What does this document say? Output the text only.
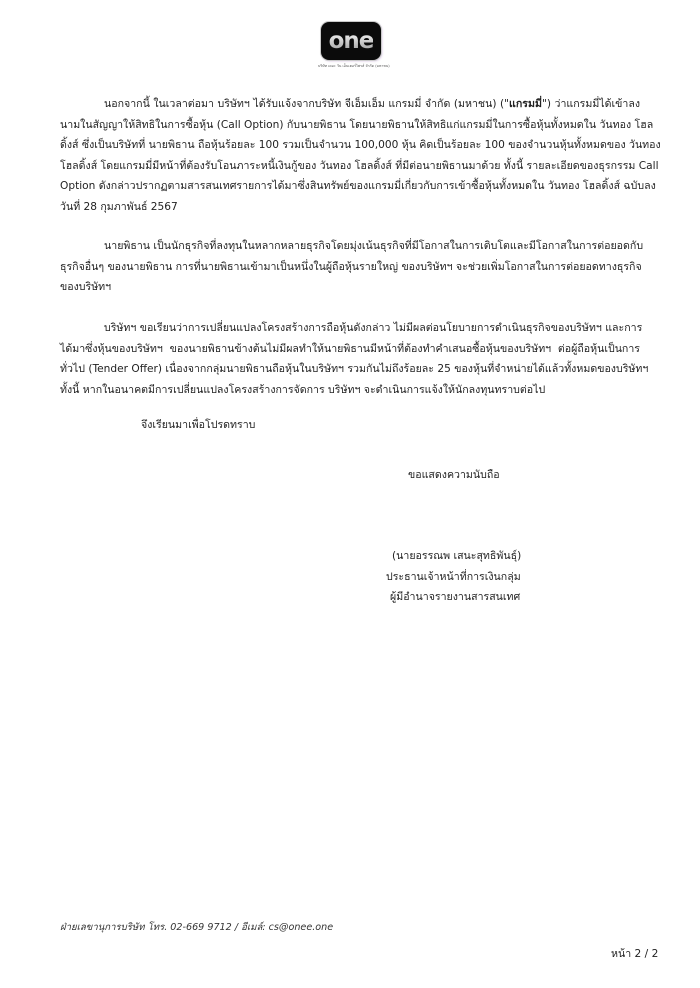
one
บริษัท เดอะ วัน เอ็นเตอร์ไพรส์ จำกัด (มหาชน)
นอกจากนี้ ในเวลาต่อมา บริษัทฯ ได้รับแจ้งจากบริษัท จีเอ็มเอ็ม แกรมมี่ จำกัด (มหาชน) ("แกรมมี่") ว่าแกรมมี่ได้เข้าลง
นามในสัญญาให้สิทธิในการซื้อหุ้น (Call Option) กับนายพิธาน โดยนายพิธานให้สิทธิแก่แกรมมี่ในการซื้อหุ้นทั้งหมดใน วันทอง โฮล
ดิ้งส์ ซึ่งเป็นบริษัทที่ นายพิธาน ถือหุ้นร้อยละ 100 รวมเป็นจำนวน 100,000 หุ้น คิดเป็นร้อยละ 100 ของจำนวนหุ้นทั้งหมดของ วันทอง
โฮลดิ้งส์ โดยแกรมมี่มีหน้าที่ต้องรับโอนภาระหนี้เงินกู้ของ วันทอง โฮลดิ้งส์ ที่มีต่อนายพิธานมาด้วย ทั้งนี้ รายละเอียดของธุรกรรม Call
Option ดังกล่าวปรากฏตามสารสนเทศรายการได้มาซึ่งสินทรัพย์ของแกรมมี่เกี่ยวกับการเข้าซื้อหุ้นทั้งหมดใน วันทอง โฮลดิ้งส์ ฉบับลง
วันที่ 28 กุมภาพันธ์ 2567
นายพิธาน เป็นนักธุรกิจที่ลงทุนในหลากหลายธุรกิจโดยมุ่งเน้นธุรกิจที่มีโอกาสในการเติบโตและมีโอกาสในการต่อยอดกับ
ธุรกิจอื่นๆ ของนายพิธาน การที่นายพิธานเข้ามาเป็นหนึ่งในผู้ถือหุ้นรายใหญ่ ของบริษัทฯ จะช่วยเพิ่มโอกาสในการต่อยอดทางธุรกิจ
ของบริษัทฯ
บริษัทฯ ขอเรียนว่าการเปลี่ยนแปลงโครงสร้างการถือหุ้นดังกล่าว ไม่มีผลต่อนโยบายการดำเนินธุรกิจของบริษัทฯ และการ
ได้มาซึ่งหุ้นของบริษัทฯ ของนายพิธานข้างต้นไม่มีผลทำให้นายพิธานมีหน้าที่ต้องทำคำเสนอซื้อหุ้นของบริษัทฯ ต่อผู้ถือหุ้นเป็นการ
ทั่วไป (Tender Offer) เนื่องจากกลุ่มนายพิธานถือหุ้นในบริษัทฯ รวมกันไม่ถึงร้อยละ 25 ของหุ้นที่จำหน่ายได้แล้วทั้งหมดของบริษัทฯ
ทั้งนี้ หากในอนาคตมีการเปลี่ยนแปลงโครงสร้างการจัดการ บริษัทฯ จะดำเนินการแจ้งให้นักลงทุนทราบต่อไป
จึงเรียนมาเพื่อโปรดทราบ
ขอแสดงความนับถือ
(นายอรรณพ เสนะสุทธิพันธุ์)
ประธานเจ้าหน้าที่การเงินกลุ่ม
ผู้มีอำนาจรายงานสารสนเทศ
ฝ่ายเลขานุการบริษัท โทร. 02-669 9712 / อีเมล์: cs@onee.one
หน้า 2 / 2
